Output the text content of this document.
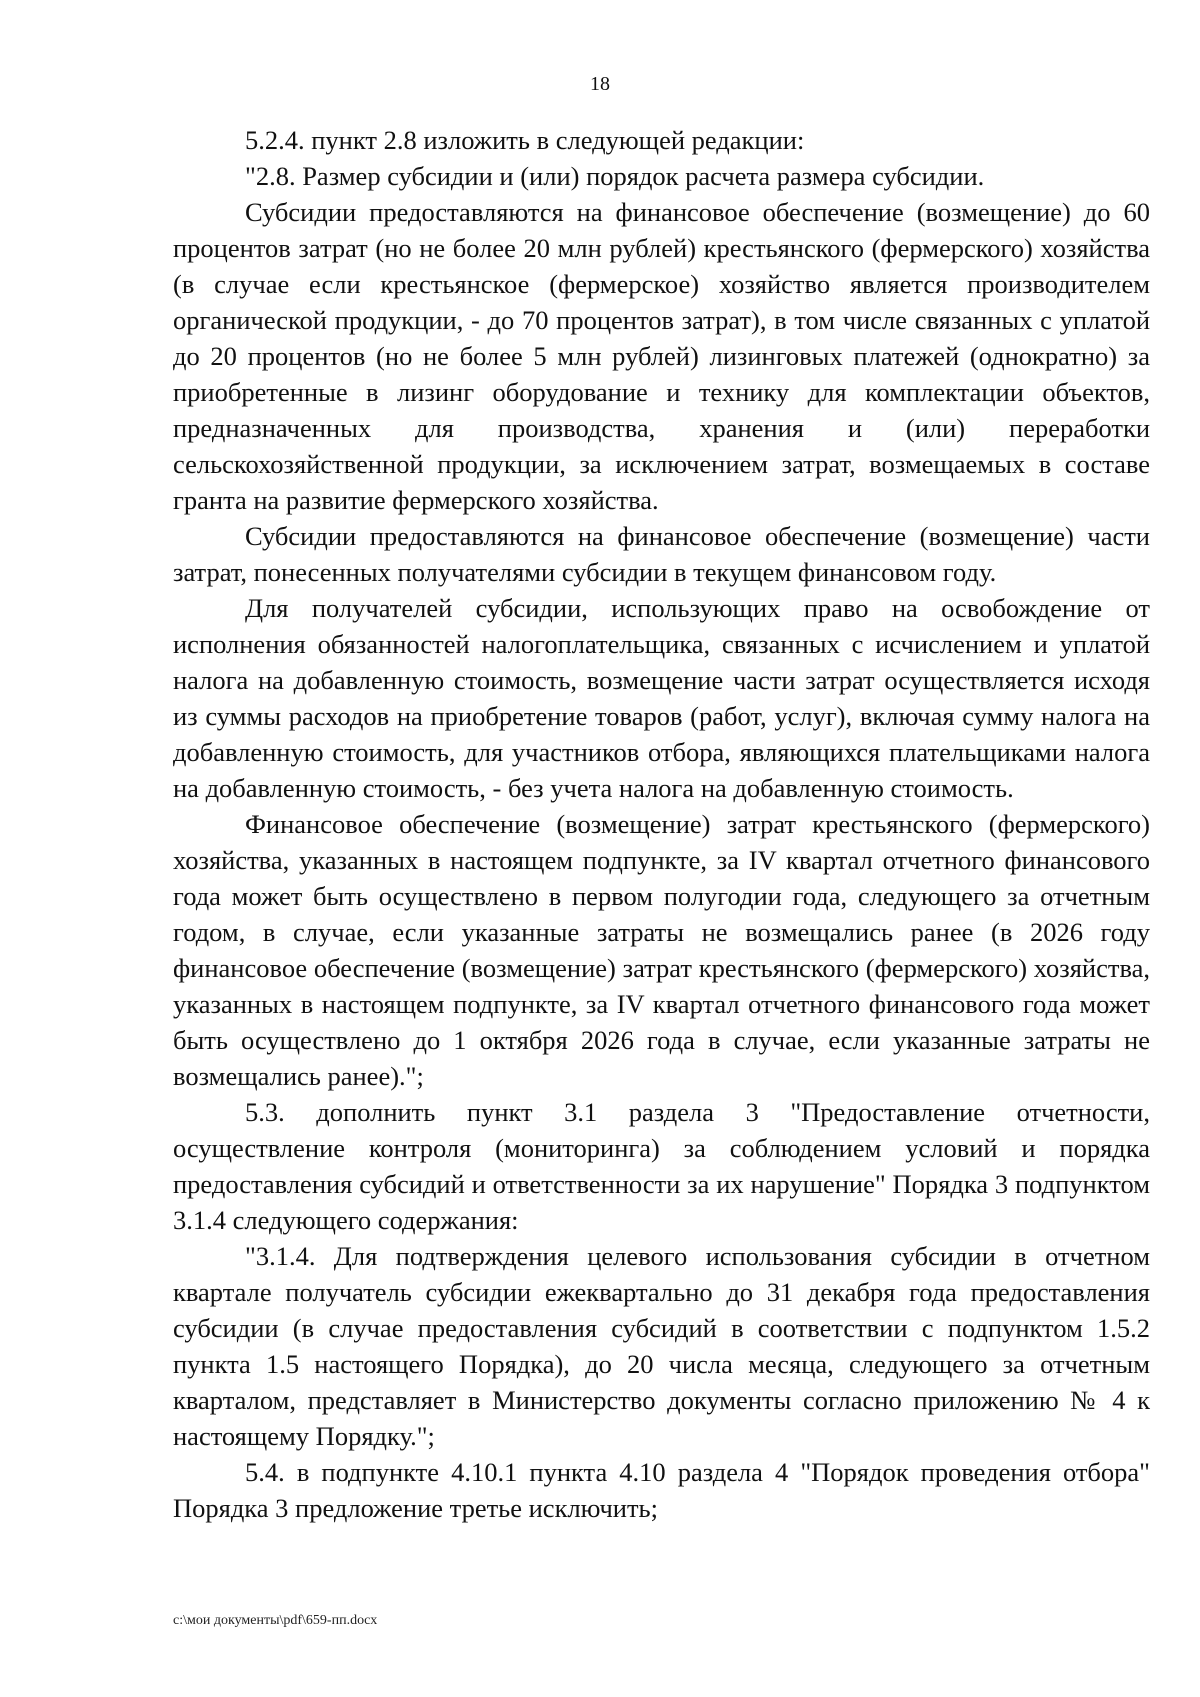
18

5.2.4. пункт 2.8 изложить в следующей редакции:

"2.8. Размер субсидии и (или) порядок расчета размера субсидии.

Субсидии предоставляются на финансовое обеспечение (возмещение) до 60 процентов затрат (но не более 20 млн рублей) крестьянского (фермерского) хозяйства (в случае если крестьянское (фермерское) хозяйство является производителем органической продукции, - до 70 процентов затрат), в том числе связанных с уплатой до 20 процентов (но не более 5 млн рублей) лизинговых платежей (однократно) за приобретенные в лизинг оборудование и технику для комплектации объектов, предназначенных для производства, хранения и (или) переработки сельскохозяйственной продукции, за исключением затрат, возмещаемых в составе гранта на развитие фермерского хозяйства.

Субсидии предоставляются на финансовое обеспечение (возмещение) части затрат, понесенных получателями субсидии в текущем финансовом году.

Для получателей субсидии, использующих право на освобождение от исполнения обязанностей налогоплательщика, связанных с исчислением и уплатой налога на добавленную стоимость, возмещение части затрат осуществляется исходя из суммы расходов на приобретение товаров (работ, услуг), включая сумму налога на добавленную стоимость, для участников отбора, являющихся плательщиками налога на добавленную стоимость, - без учета налога на добавленную стоимость.

Финансовое обеспечение (возмещение) затрат крестьянского (фермерского) хозяйства, указанных в настоящем подпункте, за IV квартал отчетного финансового года может быть осуществлено в первом полугодии года, следующего за отчетным годом, в случае, если указанные затраты не возмещались ранее (в 2026 году финансовое обеспечение (возмещение) затрат крестьянского (фермерского) хозяйства, указанных в настоящем подпункте, за IV квартал отчетного финансового года может быть осуществлено до 1 октября 2026 года в случае, если указанные затраты не возмещались ранее).";

5.3. дополнить пункт 3.1 раздела 3 "Предоставление отчетности, осуществление контроля (мониторинга) за соблюдением условий и порядка предоставления субсидий и ответственности за их нарушение" Порядка 3 подпунктом 3.1.4 следующего содержания:

"3.1.4. Для подтверждения целевого использования субсидии в отчетном квартале получатель субсидии ежеквартально до 31 декабря года предоставления субсидии (в случае предоставления субсидий в соответствии с подпунктом 1.5.2 пункта 1.5 настоящего Порядка), до 20 числа месяца, следующего за отчетным кварталом, представляет в Министерство документы согласно приложению № 4 к настоящему Порядку.";

5.4. в подпункте 4.10.1 пункта 4.10 раздела 4 "Порядок проведения отбора" Порядка 3 предложение третье исключить;

c:\мои документы\pdf\659-пп.docx
